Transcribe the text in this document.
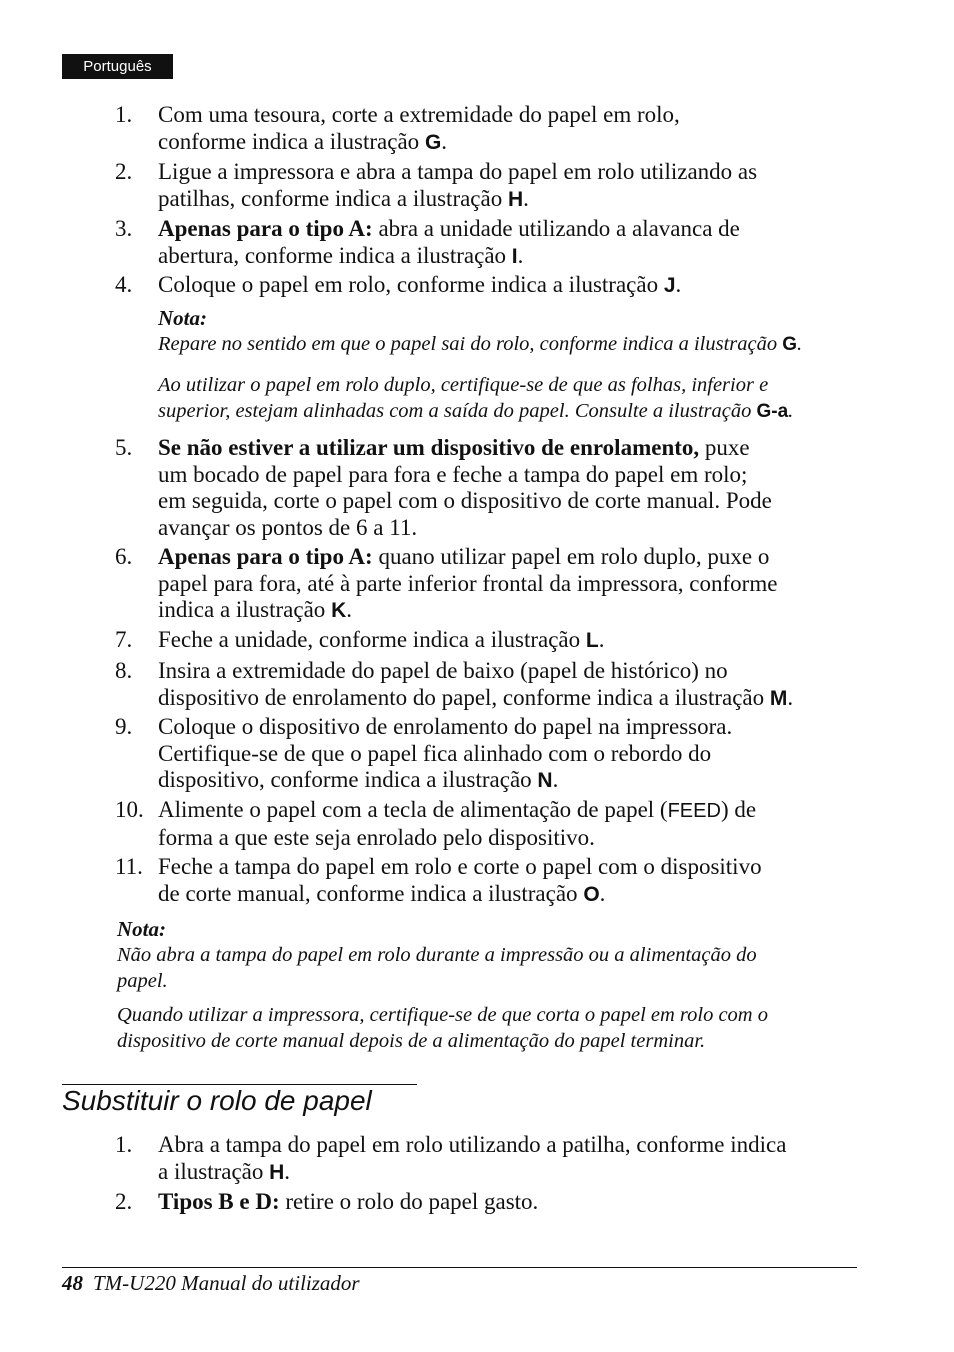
Português
1.	Com uma tesoura, corte a extremidade do papel em rolo,
conforme indica a ilustração G.
2.	Ligue a impressora e abra a tampa do papel em rolo utilizando as
patilhas, conforme indica a ilustração H.
3.	Apenas para o tipo A: abra a unidade utilizando a alavanca de
abertura, conforme indica a ilustração I.
4.	Coloque o papel em rolo, conforme indica a ilustração J.
Nota:
Repare no sentido em que o papel sai do rolo, conforme indica a ilustração G.
Ao utilizar o papel em rolo duplo, certifique-se de que as folhas, inferior e
superior, estejam alinhadas com a saída do papel. Consulte a ilustração G-a.
5.	Se não estiver a utilizar um dispositivo de enrolamento, puxe
um bocado de papel para fora e feche a tampa do papel em rolo;
em seguida, corte o papel com o dispositivo de corte manual. Pode
avançar os pontos de 6 a 11.
6.	Apenas para o tipo A: quano utilizar papel em rolo duplo, puxe o
papel para fora, até à parte inferior frontal da impressora, conforme
indica a ilustração K.
7.	Feche a unidade, conforme indica a ilustração L.
8.	Insira a extremidade do papel de baixo (papel de histórico) no
dispositivo de enrolamento do papel, conforme indica a ilustração M.
9.	Coloque o dispositivo de enrolamento do papel na impressora.
Certifique-se de que o papel fica alinhado com o rebordo do
dispositivo, conforme indica a ilustração N.
10. Alimente o papel com a tecla de alimentação de papel (FEED) de
forma a que este seja enrolado pelo dispositivo.
11. Feche a tampa do papel em rolo e corte o papel com o dispositivo
de corte manual, conforme indica a ilustração O.
Nota:
Não abra a tampa do papel em rolo durante a impressão ou a alimentação do
papel.
Quando utilizar a impressora, certifique-se de que corta o papel em rolo com o
dispositivo de corte manual depois de a alimentação do papel terminar.
Substituir o rolo de papel
1.	Abra a tampa do papel em rolo utilizando a patilha, conforme indica
a ilustração H.
2.	Tipos B e D: retire o rolo do papel gasto.
48 TM-U220 Manual do utilizador
